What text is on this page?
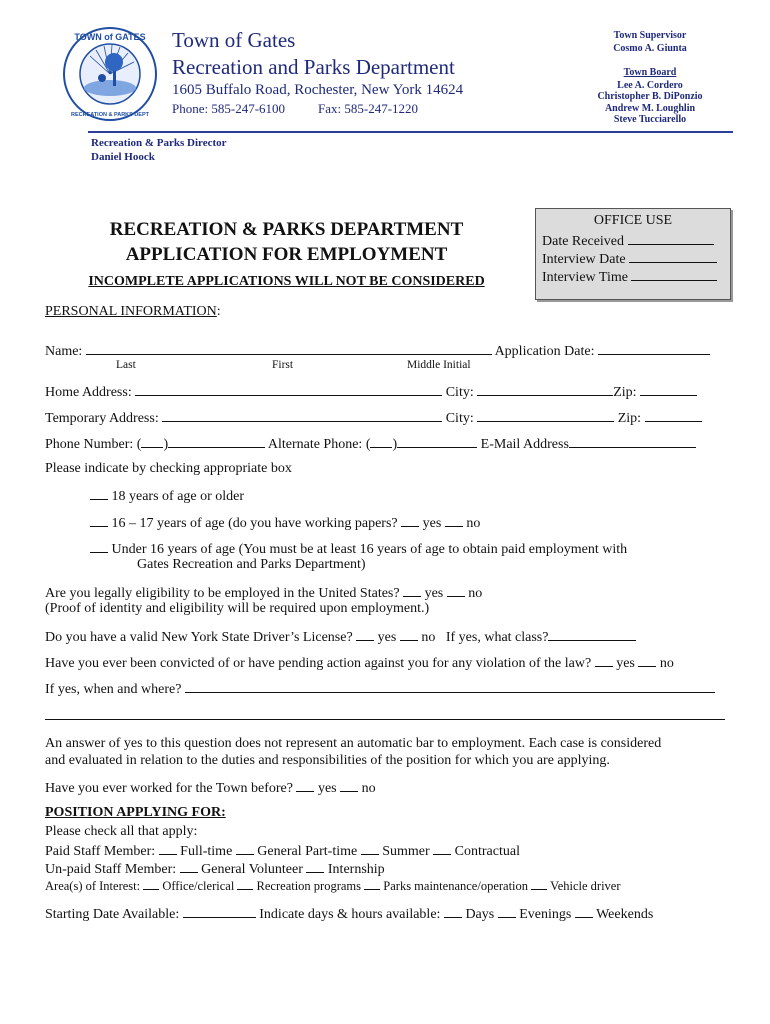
TOWN of GATES
RECREATION & PARKS DEPT
Town of Gates
Recreation and Parks Department
1605 Buffalo Road, Rochester, New York 14624
Phone: 585-247-6100	Fax: 585-247-1220
Town Supervisor
Cosmo A. Giunta
Town Board
Lee A. Cordero
Christopher B. DiPonzio
Andrew M. Loughlin
Steve Tucciarello
Recreation & Parks Director
Daniel Hoock
RECREATION & PARKS DEPARTMENT
APPLICATION FOR EMPLOYMENT
INCOMPLETE APPLICATIONS WILL NOT BE CONSIDERED
OFFICE USE
Date Received
Interview Date
Interview Time
PERSONAL INFORMATION:
Name:	Application Date:
Last	First	Middle Initial
Home Address:	City:	Zip:
Temporary Address:	City:	Zip:
Phone Number: ( )	Alternate Phone: ( )	E-Mail Address
Please indicate by checking appropriate box
18 years of age or older
16 – 17 years of age (do you have working papers? yes no
Under 16 years of age (You must be at least 16 years of age to obtain paid employment with
Gates Recreation and Parks Department)
Are you legally eligibility to be employed in the United States? yes no
(Proof of identity and eligibility will be required upon employment.)
Do you have a valid New York State Driver’s License? yes no If yes, what class?
Have you ever been convicted of or have pending action against you for any violation of the law? yes no
If yes, when and where?
An answer of yes to this question does not represent an automatic bar to employment. Each case is considered
and evaluated in relation to the duties and responsibilities of the position for which you are applying.
Have you ever worked for the Town before? yes no
POSITION APPLYING FOR:
Please check all that apply:
Paid Staff Member: Full-time General Part-time Summer Contractual
Un-paid Staff Member: General Volunteer Internship
Area(s) of Interest: Office/clerical Recreation programs Parks maintenance/operation Vehicle driver
Starting Date Available:	Indicate days & hours available: Days Evenings Weekends
